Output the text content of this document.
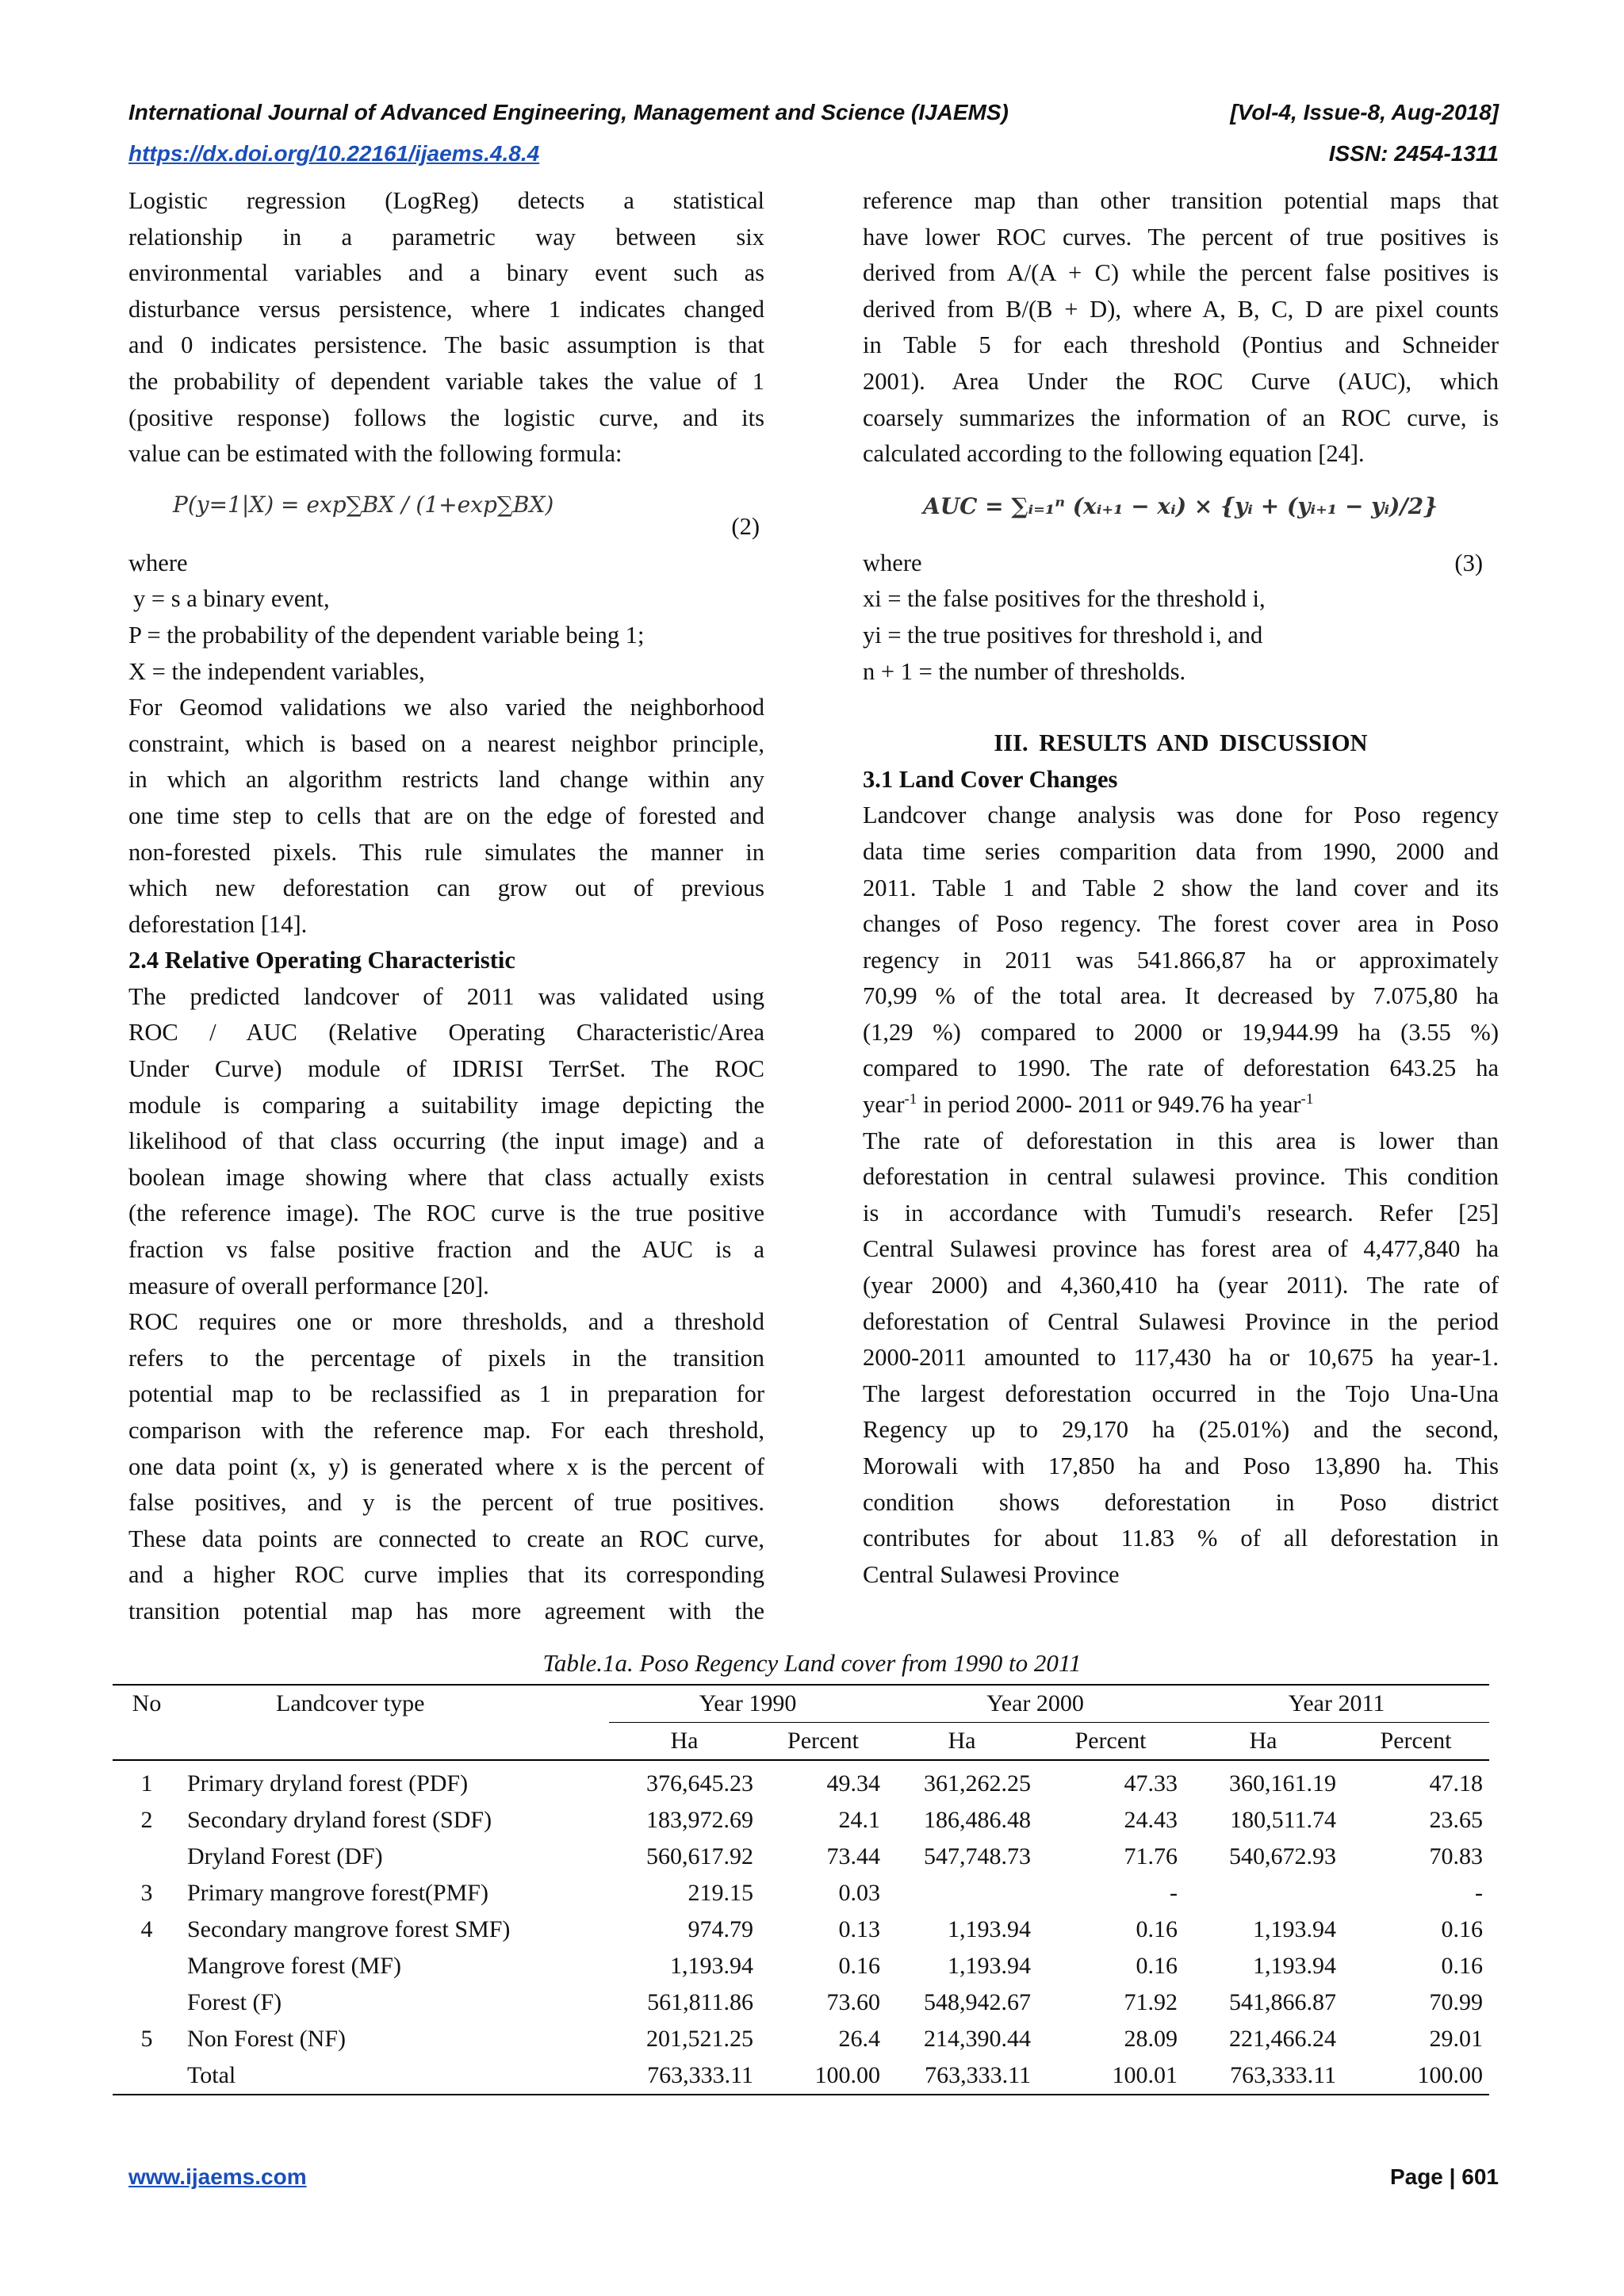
International Journal of Advanced Engineering, Management and Science (IJAEMS)	[Vol-4, Issue-8, Aug-2018]
https://dx.doi.org/10.22161/ijaems.4.8.4	ISSN: 2454-1311
Logistic regression (LogReg) detects a statistical
relationship in a parametric way between six
environmental variables and a binary event such as
disturbance versus persistence, where 1 indicates changed
and 0 indicates persistence. The basic assumption is that
the probability of dependent variable takes the value of 1
(positive response) follows the logistic curve, and its
value can be estimated with the following formula:
P(y=1|X) = exp∑BX / (1+exp∑BX)
(2)
where
y = s a binary event,
P = the probability of the dependent variable being 1;
X = the independent variables,
For Geomod validations we also varied the neighborhood
constraint, which is based on a nearest neighbor principle,
in which an algorithm restricts land change within any
one time step to cells that are on the edge of forested and
non-forested pixels. This rule simulates the manner in
which new deforestation can grow out of previous
deforestation [14].
2.4 Relative Operating Characteristic
The predicted landcover of 2011 was validated using
ROC / AUC (Relative Operating Characteristic/Area
Under Curve) module of IDRISI TerrSet. The ROC
module is comparing a suitability image depicting the
likelihood of that class occurring (the input image) and a
boolean image showing where that class actually exists
(the reference image). The ROC curve is the true positive
fraction vs false positive fraction and the AUC is a
measure of overall performance [20].
ROC requires one or more thresholds, and a threshold
refers to the percentage of pixels in the transition
potential map to be reclassified as 1 in preparation for
comparison with the reference map. For each threshold,
one data point (x, y) is generated where x is the percent of
false positives, and y is the percent of true positives.
These data points are connected to create an ROC curve,
and a higher ROC curve implies that its corresponding
transition potential map has more agreement with the
reference map than other transition potential maps that
have lower ROC curves. The percent of true positives is
derived from A/(A + C) while the percent false positives is
derived from B/(B + D), where A, B, C, D are pixel counts
in Table 5 for each threshold (Pontius and Schneider
2001). Area Under the ROC Curve (AUC), which
coarsely summarizes the information of an ROC curve, is
calculated according to the following equation [24].
AUC = ∑ᵢ₌₁ⁿ (xᵢ₊₁ − xᵢ) × {yᵢ + (yᵢ₊₁ − yᵢ)/2}
where	(3)
xi = the false positives for the threshold i,
yi = the true positives for threshold i, and
n + 1 = the number of thresholds.
III. RESULTS AND DISCUSSION
3.1 Land Cover Changes
Landcover change analysis was done for Poso regency
data time series comparition data from 1990, 2000 and
2011. Table 1 and Table 2 show the land cover and its
changes of Poso regency. The forest cover area in Poso
regency in 2011 was 541.866,87 ha or approximately
70,99 % of the total area. It decreased by 7.075,80 ha
(1,29 %) compared to 2000 or 19,944.99 ha (3.55 %)
compared to 1990. The rate of deforestation 643.25 ha
year$^{-1}$ in period 2000- 2011 or 949.76 ha year$^{-1}$
The rate of deforestation in this area is lower than
deforestation in central sulawesi province. This condition
is in accordance with Tumudi's research. Refer [25]
Central Sulawesi province has forest area of 4,477,840 ha
(year 2000) and 4,360,410 ha (year 2011). The rate of
deforestation of Central Sulawesi Province in the period
2000-2011 amounted to 117,430 ha or 10,675 ha year-1.
The largest deforestation occurred in the Tojo Una-Una
Regency up to 29,170 ha (25.01%) and the second,
Morowali with 17,850 ha and Poso 13,890 ha. This
condition shows deforestation in Poso district
contributes for about 11.83 % of all deforestation in
Central Sulawesi Province
Table.1a. Poso Regency Land cover from 1990 to 2011
No	Landcover type	Year 1990		Year 2000		Year 2011	
		Ha	Percent	Ha	Percent	Ha	Percent
1	Primary dryland forest (PDF)	376,645.23	49.34	361,262.25	47.33	360,161.19	47.18
2	Secondary dryland forest (SDF)	183,972.69	24.1	186,486.48	24.43	180,511.74	23.65
	Dryland Forest (DF)	560,617.92	73.44	547,748.73	71.76	540,672.93	70.83
3	Primary mangrove forest(PMF)	219.15	0.03		-		-
4	Secondary mangrove forest SMF)	974.79	0.13	1,193.94	0.16	1,193.94	0.16
	Mangrove forest (MF)	1,193.94	0.16	1,193.94	0.16	1,193.94	0.16
	Forest (F)	561,811.86	73.60	548,942.67	71.92	541,866.87	70.99
5	Non Forest (NF)	201,521.25	26.4	214,390.44	28.09	221,466.24	29.01
	Total	763,333.11	100.00	763,333.11	100.01	763,333.11	100.00
www.ijaems.com	Page | 601
